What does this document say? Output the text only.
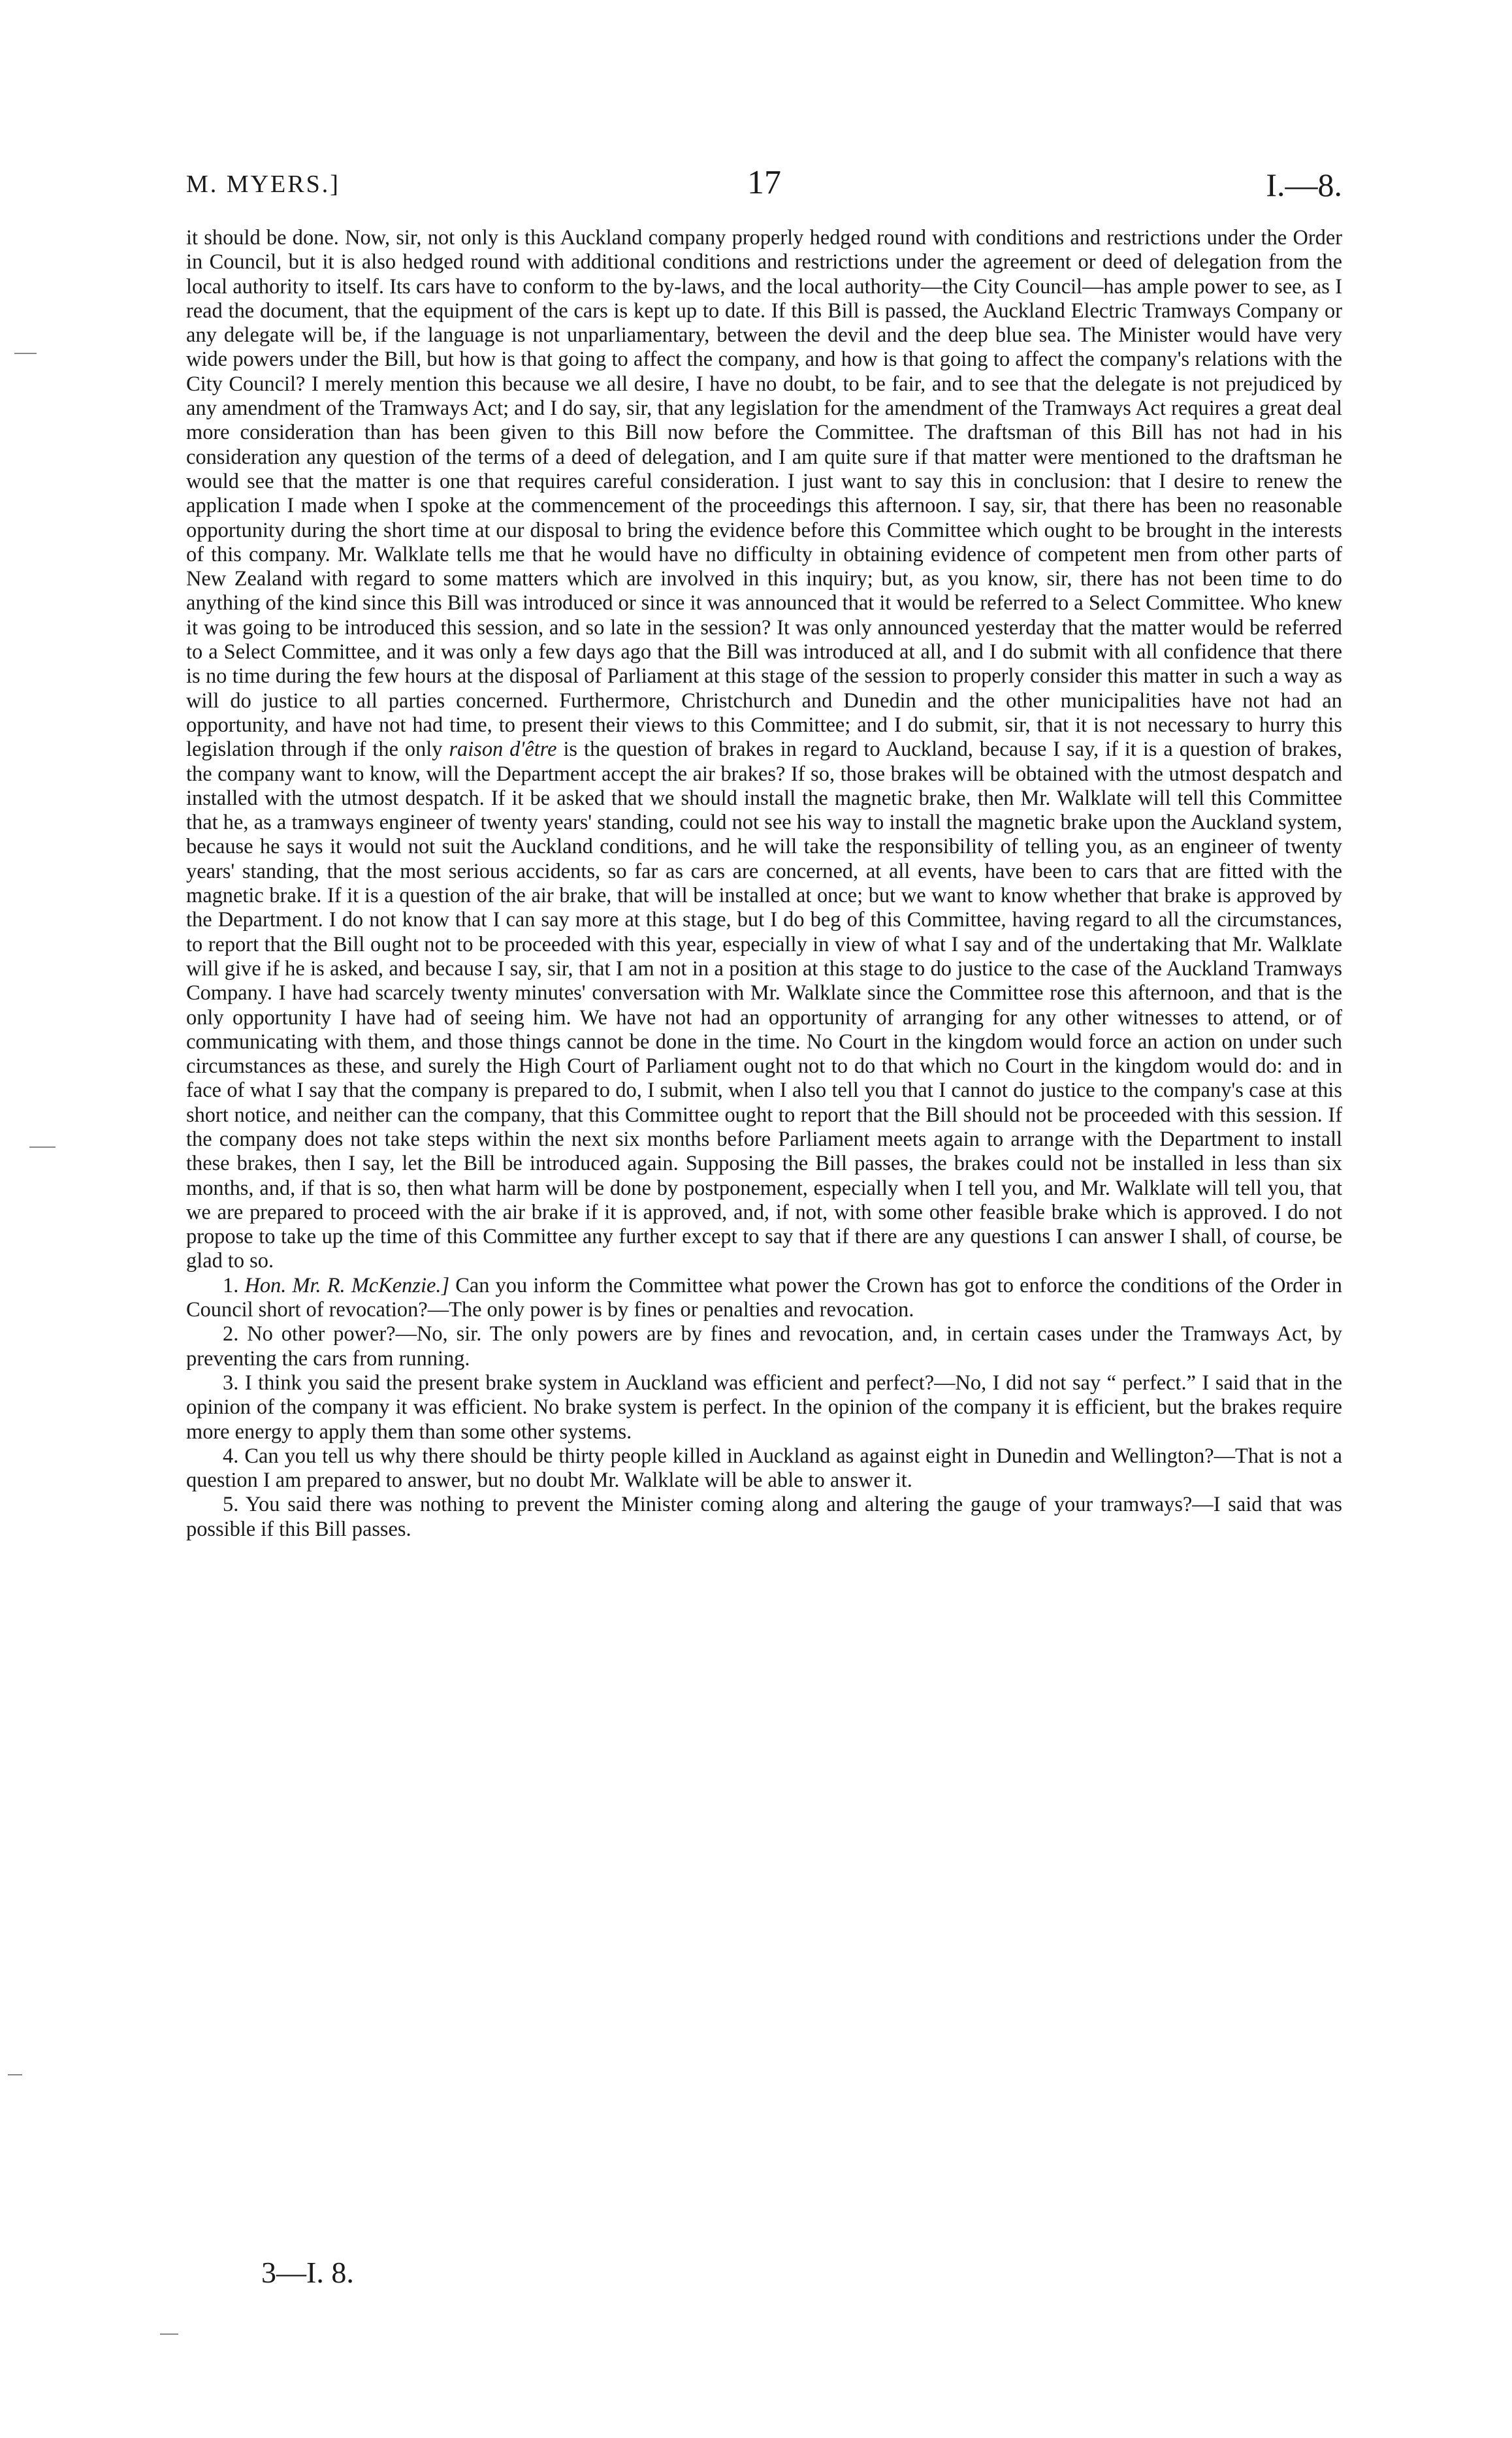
M. MYERS.]	17	I.—8.

it should be done. Now, sir, not only is this Auckland company properly hedged round with conditions and restrictions under the Order in Council, but it is also hedged round with additional conditions and restrictions under the agreement or deed of delegation from the local authority to itself. Its cars have to conform to the by-laws, and the local authority—the City Council—has ample power to see, as I read the document, that the equipment of the cars is kept up to date. If this Bill is passed, the Auckland Electric Tramways Company or any delegate will be, if the language is not unparliamentary, between the devil and the deep blue sea. The Minister would have very wide powers under the Bill, but how is that going to affect the company, and how is that going to affect the company's relations with the City Council? I merely mention this because we all desire, I have no doubt, to be fair, and to see that the delegate is not prejudiced by any amendment of the Tramways Act; and I do say, sir, that any legislation for the amendment of the Tramways Act requires a great deal more consideration than has been given to this Bill now before the Committee. The draftsman of this Bill has not had in his consideration any question of the terms of a deed of delegation, and I am quite sure if that matter were mentioned to the draftsman he would see that the matter is one that requires careful consideration. I just want to say this in conclusion: that I desire to renew the application I made when I spoke at the commencement of the proceedings this afternoon. I say, sir, that there has been no reasonable opportunity during the short time at our disposal to bring the evidence before this Committee which ought to be brought in the interests of this company. Mr. Walklate tells me that he would have no difficulty in obtaining evidence of competent men from other parts of New Zealand with regard to some matters which are involved in this inquiry; but, as you know, sir, there has not been time to do anything of the kind since this Bill was introduced or since it was announced that it would be referred to a Select Committee. Who knew it was going to be introduced this session, and so late in the session? It was only announced yesterday that the matter would be referred to a Select Committee, and it was only a few days ago that the Bill was introduced at all, and I do submit with all confidence that there is no time during the few hours at the disposal of Parliament at this stage of the session to properly consider this matter in such a way as will do justice to all parties concerned. Furthermore, Christchurch and Dunedin and the other municipalities have not had an opportunity, and have not had time, to present their views to this Committee; and I do submit, sir, that it is not necessary to hurry this legislation through if the only raison d'être is the question of brakes in regard to Auckland, because I say, if it is a question of brakes, the company want to know, will the Department accept the air brakes? If so, those brakes will be obtained with the utmost despatch and installed with the utmost despatch. If it be asked that we should install the magnetic brake, then Mr. Walklate will tell this Committee that he, as a tramways engineer of twenty years' standing, could not see his way to install the magnetic brake upon the Auckland system, because he says it would not suit the Auckland conditions, and he will take the responsibility of telling you, as an engineer of twenty years' standing, that the most serious accidents, so far as cars are concerned, at all events, have been to cars that are fitted with the magnetic brake. If it is a question of the air brake, that will be installed at once; but we want to know whether that brake is approved by the Department. I do not know that I can say more at this stage, but I do beg of this Committee, having regard to all the circumstances, to report that the Bill ought not to be proceeded with this year, especially in view of what I say and of the undertaking that Mr. Walklate will give if he is asked, and because I say, sir, that I am not in a position at this stage to do justice to the case of the Auckland Tramways Company. I have had scarcely twenty minutes' conversation with Mr. Walklate since the Committee rose this afternoon, and that is the only opportunity I have had of seeing him. We have not had an opportunity of arranging for any other witnesses to attend, or of communicating with them, and those things cannot be done in the time. No Court in the kingdom would force an action on under such circumstances as these, and surely the High Court of Parliament ought not to do that which no Court in the kingdom would do: and in face of what I say that the company is prepared to do, I submit, when I also tell you that I cannot do justice to the company's case at this short notice, and neither can the company, that this Committee ought to report that the Bill should not be proceeded with this session. If the company does not take steps within the next six months before Parliament meets again to arrange with the Department to install these brakes, then I say, let the Bill be introduced again. Supposing the Bill passes, the brakes could not be installed in less than six months, and, if that is so, then what harm will be done by postponement, especially when I tell you, and Mr. Walklate will tell you, that we are prepared to proceed with the air brake if it is approved, and, if not, with some other feasible brake which is approved. I do not propose to take up the time of this Committee any further except to say that if there are any questions I can answer I shall, of course, be glad to so.

1. Hon. Mr. R. McKenzie.] Can you inform the Committee what power the Crown has got to enforce the conditions of the Order in Council short of revocation?—The only power is by fines or penalties and revocation.

2. No other power?—No, sir. The only powers are by fines and revocation, and, in certain cases under the Tramways Act, by preventing the cars from running.

3. I think you said the present brake system in Auckland was efficient and perfect?—No, I did not say “ perfect.” I said that in the opinion of the company it was efficient. No brake system is perfect. In the opinion of the company it is efficient, but the brakes require more energy to apply them than some other systems.

4. Can you tell us why there should be thirty people killed in Auckland as against eight in Dunedin and Wellington?—That is not a question I am prepared to answer, but no doubt Mr. Walklate will be able to answer it.

5. You said there was nothing to prevent the Minister coming along and altering the gauge of your tramways?—I said that was possible if this Bill passes.

3—I. 8.
